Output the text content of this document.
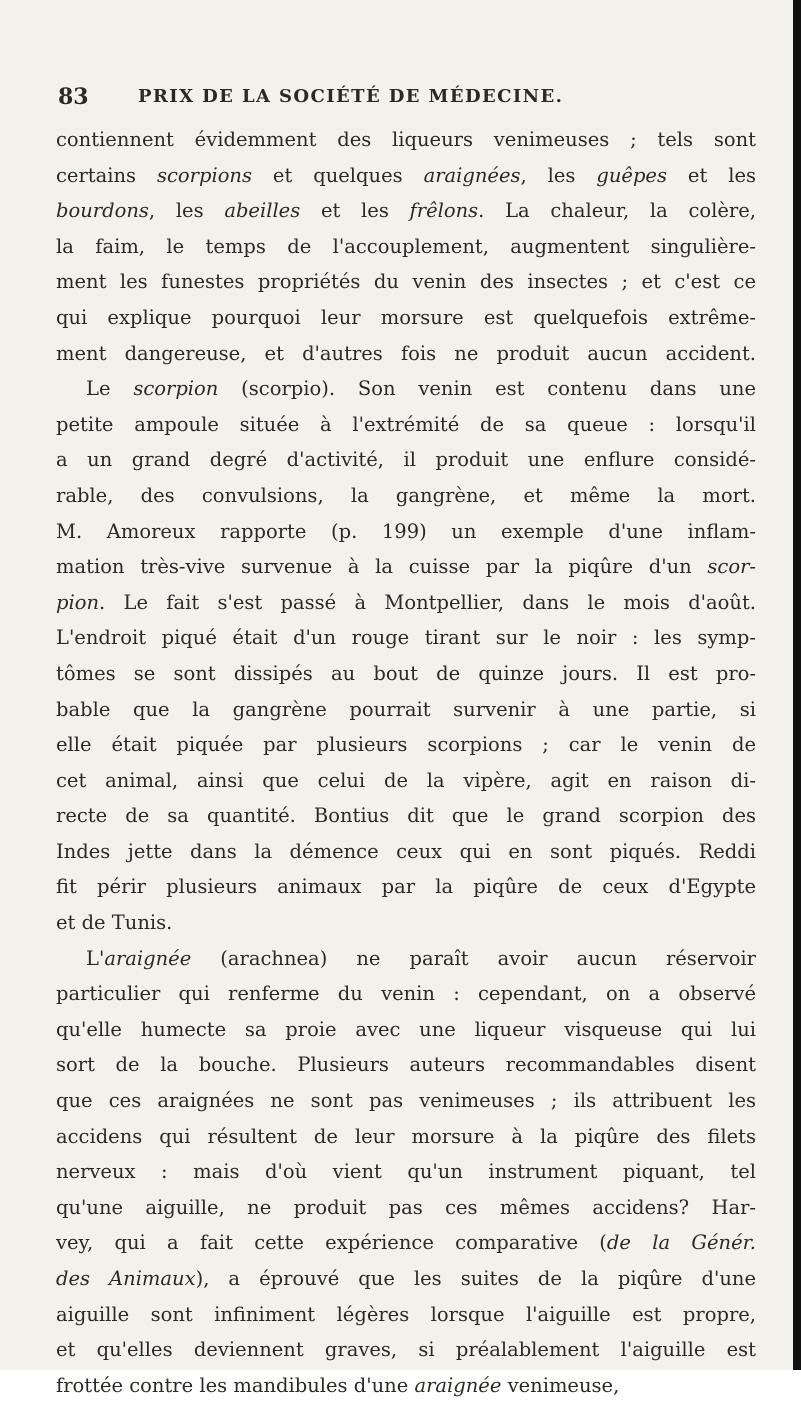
83	PRIX DE LA SOCIÉTÉ DE MÉDECINE.
contiennent évidemment des liqueurs venimeuses ; tels sont
certains scorpions et quelques araignées, les guêpes et les
bourdons, les abeilles et les frêlons. La chaleur, la colère,
la faim, le temps de l'accouplement, augmentent singulière-
ment les funestes propriétés du venin des insectes ; et c'est ce
qui explique pourquoi leur morsure est quelquefois extrême-
ment dangereuse, et d'autres fois ne produit aucun accident.
Le scorpion (scorpio). Son venin est contenu dans une
petite ampoule située à l'extrémité de sa queue : lorsqu'il
a un grand degré d'activité, il produit une enflure considé-
rable, des convulsions, la gangrène, et même la mort.
M. Amoreux rapporte (p. 199) un exemple d'une inflam-
mation très-vive survenue à la cuisse par la piqûre d'un scor-
pion. Le fait s'est passé à Montpellier, dans le mois d'août.
L'endroit piqué était d'un rouge tirant sur le noir : les symp-
tômes se sont dissipés au bout de quinze jours. Il est pro-
bable que la gangrène pourrait survenir à une partie, si
elle était piquée par plusieurs scorpions ; car le venin de
cet animal, ainsi que celui de la vipère, agit en raison di-
recte de sa quantité. Bontius dit que le grand scorpion des
Indes jette dans la démence ceux qui en sont piqués. Reddi
fit périr plusieurs animaux par la piqûre de ceux d'Egypte
et de Tunis.
L'araignée (arachnea) ne paraît avoir aucun réservoir
particulier qui renferme du venin : cependant, on a observé
qu'elle humecte sa proie avec une liqueur visqueuse qui lui
sort de la bouche. Plusieurs auteurs recommandables disent
que ces araignées ne sont pas venimeuses ; ils attribuent les
accidens qui résultent de leur morsure à la piqûre des filets
nerveux : mais d'où vient qu'un instrument piquant, tel
qu'une aiguille, ne produit pas ces mêmes accidens? Har-
vey, qui a fait cette expérience comparative (de la Génér.
des Animaux), a éprouvé que les suites de la piqûre d'une
aiguille sont infiniment légères lorsque l'aiguille est propre,
et qu'elles deviennent graves, si préalablement l'aiguille est
frottée contre les mandibules d'une araignée venimeuse,
